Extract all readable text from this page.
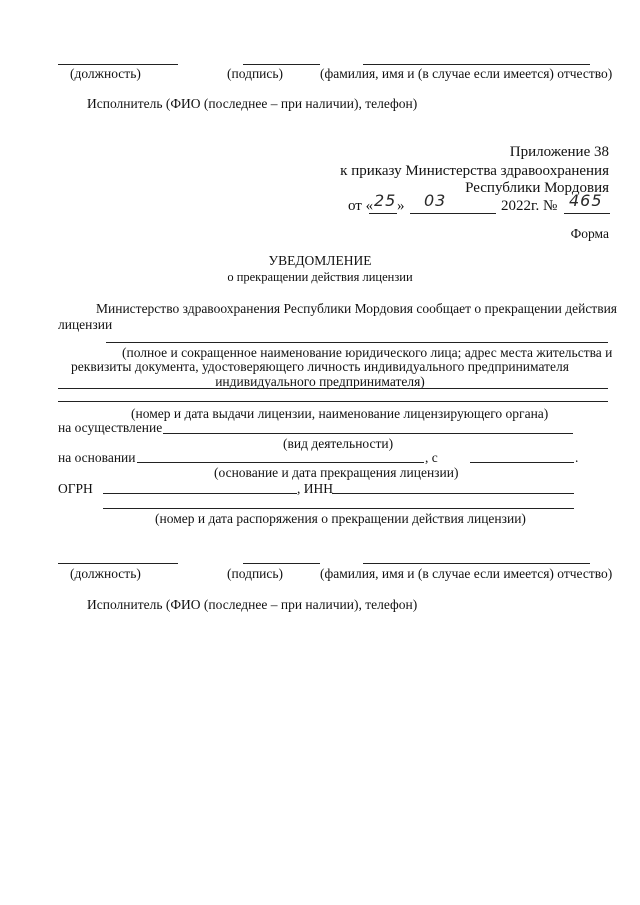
(должность)	(подпись)	(фамилия, имя и (в случае если имеется) отчество)
Исполнитель (ФИО (последнее – при наличии), телефон)
Приложение 38
к приказу Министерства здравоохранения
Республики Мордовия
от « 25 » 03	2022г. № 465
Форма
УВЕДОМЛЕНИЕ
о прекращении действия лицензии
Министерство здравоохранения Республики Мордовия сообщает о прекращении действия
лицензии
(полное и сокращенное наименование юридического лица; адрес места жительства и
реквизиты документа, удостоверяющего личность индивидуального предпринимателя
индивидуального предпринимателя)
(номер и дата выдачи лицензии, наименование лицензирующего органа)
на осуществление
(вид деятельности)
на основании	, с	.
(основание и дата прекращения лицензии)
ОГРН	, ИНН
(номер и дата распоряжения о прекращении действия лицензии)
(должность)	(подпись)	(фамилия, имя и (в случае если имеется) отчество)
Исполнитель (ФИО (последнее – при наличии), телефон)
